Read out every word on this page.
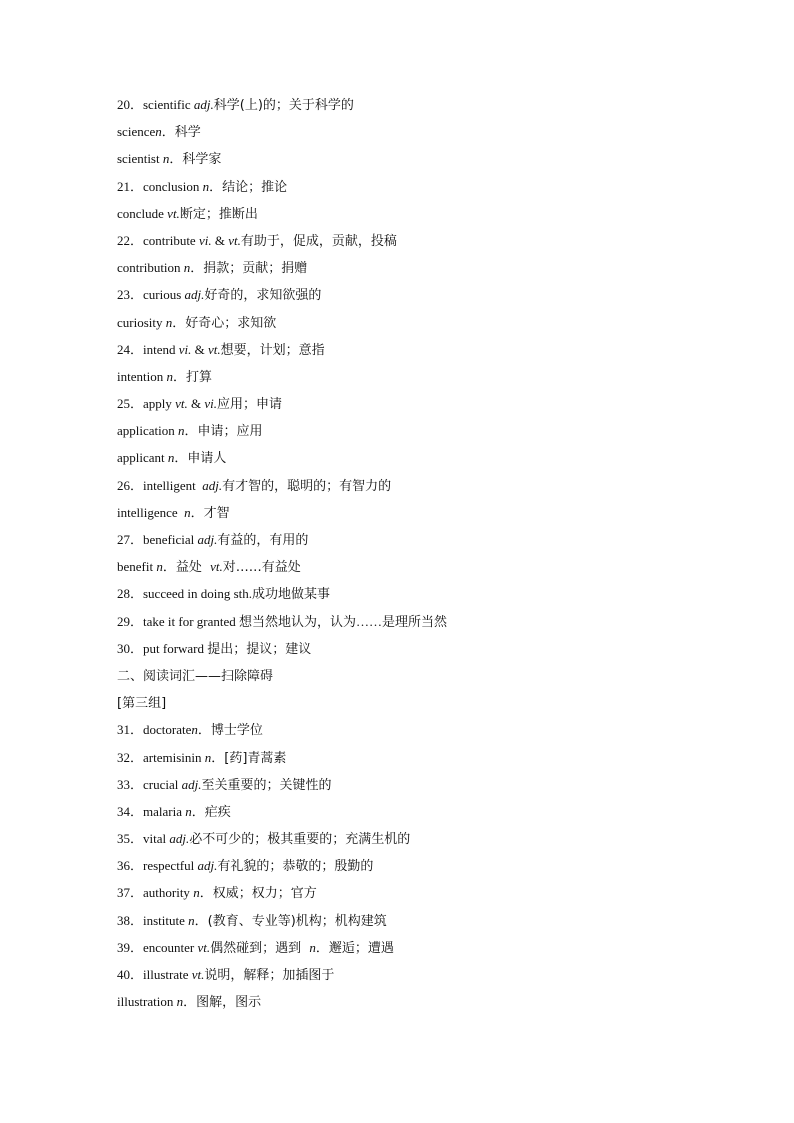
20．scientific adj.科学(上)的；关于科学的
sciencen．科学
scientist n．科学家
21．conclusion n．结论；推论
conclude vt.断定；推断出
22．contribute vi. & vt.有助于，促成，贡献，投稿
contribution n．捐款；贡献；捐赠
23．curious adj.好奇的，求知欲强的
curiosity n．好奇心；求知欲
24．intend vi. & vt.想要，计划；意指
intention n．打算
25．apply vt. & vi.应用；申请
application n．申请；应用
applicant n．申请人
26．intelligent  adj.有才智的，聪明的；有智力的
intelligence  n．才智
27．beneficial adj.有益的，有用的
benefit n．益处  vt.对……有益处
28．succeed in doing sth.成功地做某事
29．take it for granted 想当然地认为，认为……是理所当然
30．put forward 提出；提议；建议
二、阅读词汇——扫除障碍
[第三组]
31．doctoraten．博士学位
32．artemisinin n．[药]青蒿素
33．crucial adj.至关重要的；关键性的
34．malaria n．疟疾
35．vital adj.必不可少的；极其重要的；充满生机的
36．respectful adj.有礼貌的；恭敬的；殷勤的
37．authority n．权威；权力；官方
38．institute n．(教育、专业等)机构；机构建筑
39．encounter vt.偶然碰到；遇到  n．邂逅；遭遇
40．illustrate vt.说明，解释；加插图于
illustration n．图解，图示
